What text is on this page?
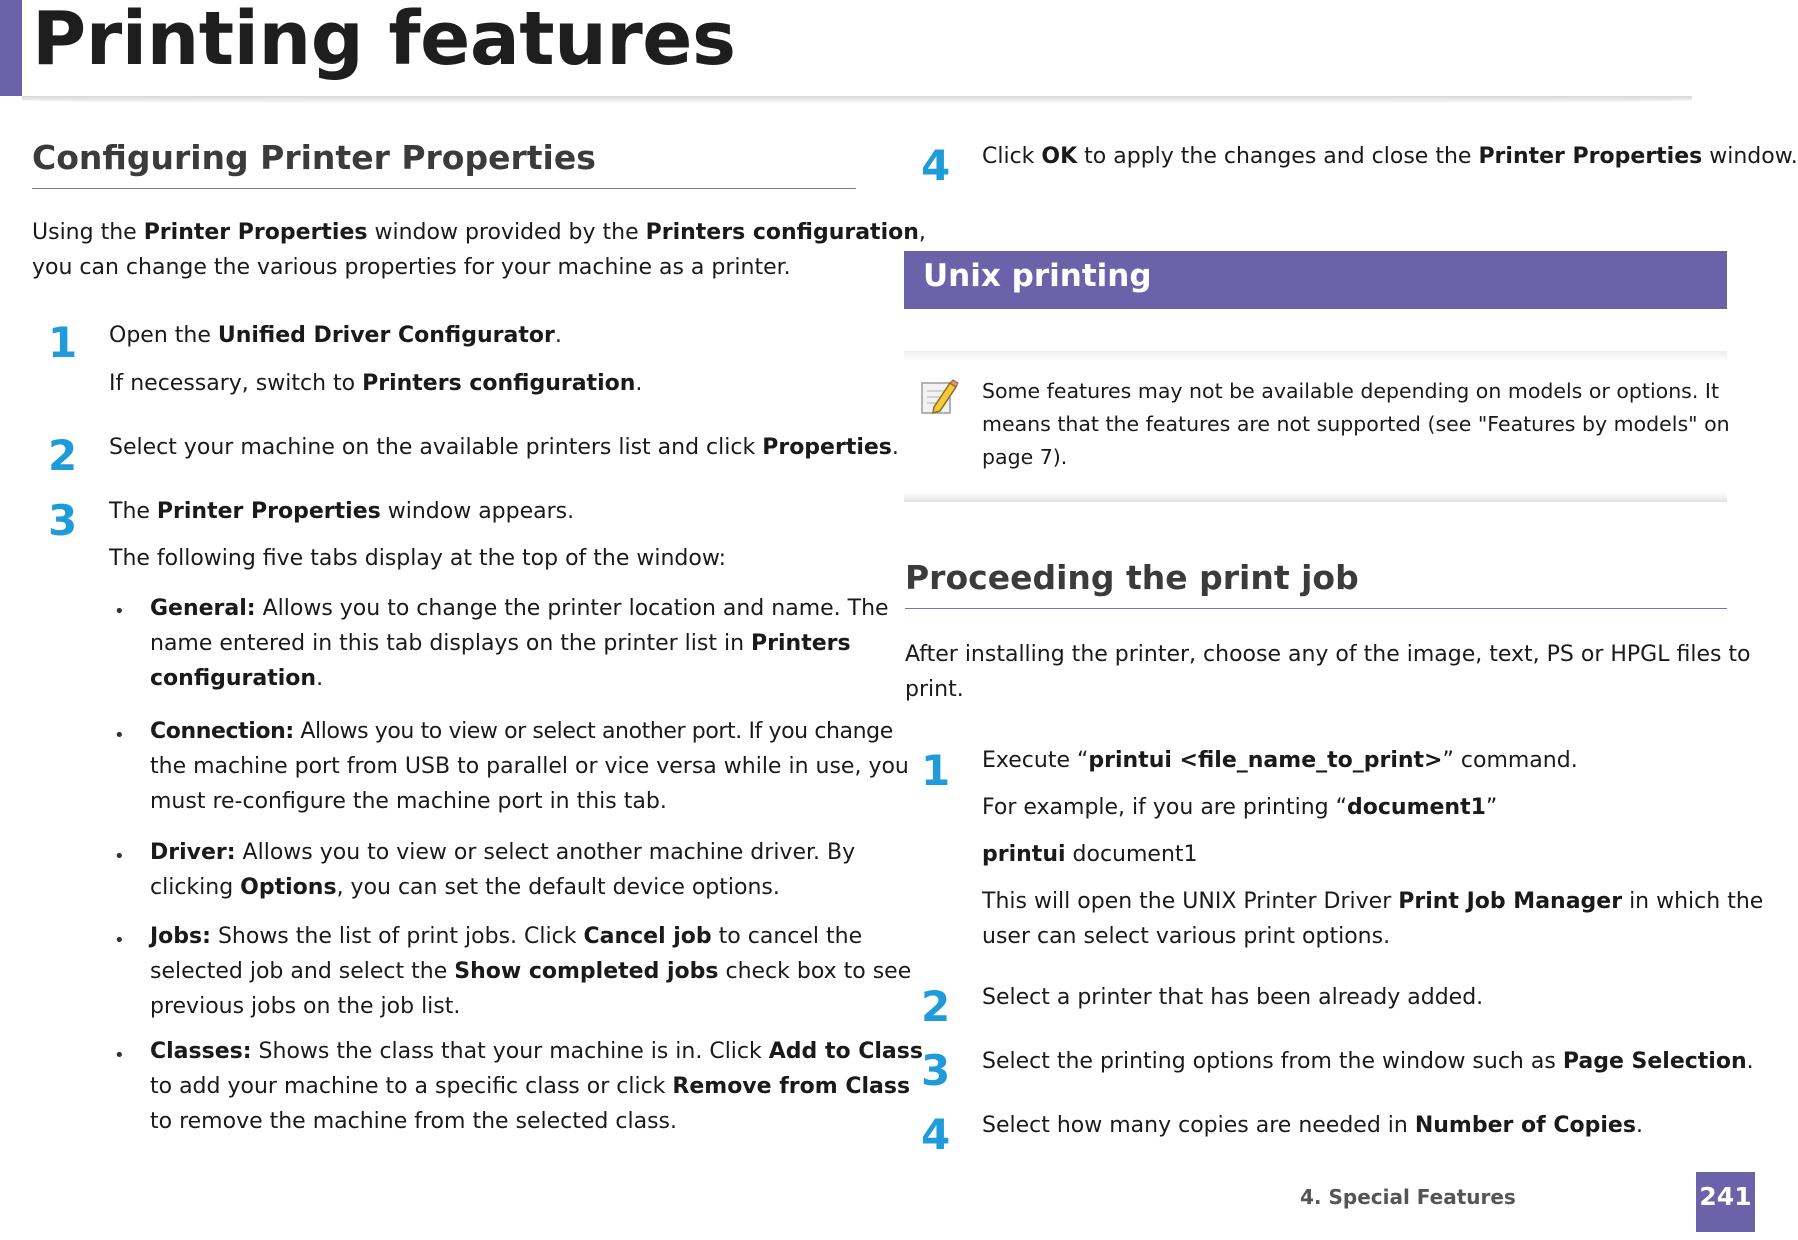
Printing features
Configuring Printer Properties
Using the Printer Properties window provided by the Printers configuration,
you can change the various properties for your machine as a printer.
1 Open the Unified Driver Configurator.
If necessary, switch to Printers configuration.
2 Select your machine on the available printers list and click Properties.
3 The Printer Properties window appears.
The following five tabs display at the top of the window:
• General: Allows you to change the printer location and name. The
name entered in this tab displays on the printer list in Printers
configuration.
• Connection: Allows you to view or select another port. If you change
the machine port from USB to parallel or vice versa while in use, you
must re-configure the machine port in this tab.
• Driver: Allows you to view or select another machine driver. By
clicking Options, you can set the default device options.
• Jobs: Shows the list of print jobs. Click Cancel job to cancel the
selected job and select the Show completed jobs check box to see
previous jobs on the job list.
• Classes: Shows the class that your machine is in. Click Add to Class
to add your machine to a specific class or click Remove from Class
to remove the machine from the selected class.
4 Click OK to apply the changes and close the Printer Properties window.
Unix printing
Some features may not be available depending on models or options. It
means that the features are not supported (see "Features by models" on
page 7).
Proceeding the print job
After installing the printer, choose any of the image, text, PS or HPGL files to
print.
1 Execute “printui <file_name_to_print>” command.
For example, if you are printing “document1”
printui document1
This will open the UNIX Printer Driver Print Job Manager in which the
user can select various print options.
2 Select a printer that has been already added.
3 Select the printing options from the window such as Page Selection.
4 Select how many copies are needed in Number of Copies.
4. Special Features	241
